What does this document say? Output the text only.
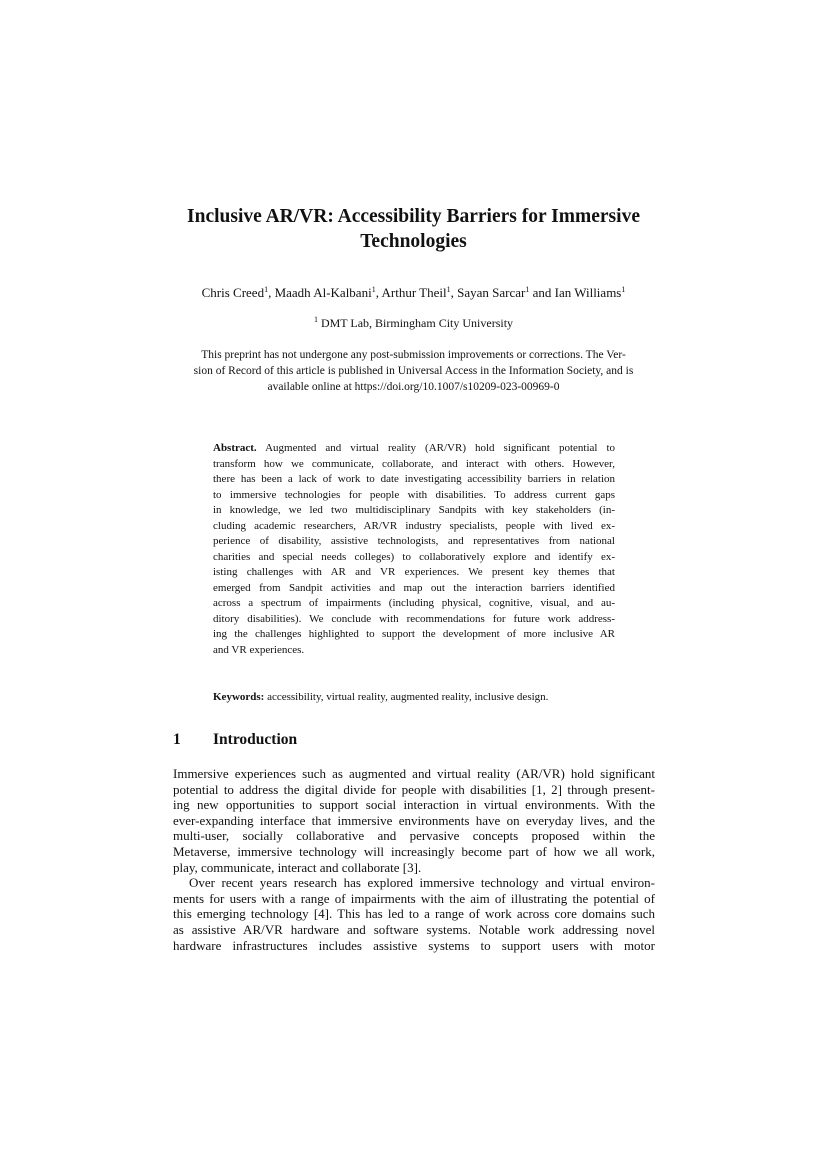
Inclusive AR/VR: Accessibility Barriers for Immersive
Technologies
Chris Creed$^1$, Maadh Al-Kalbani$^1$, Arthur Theil$^1$, Sayan Sarcar$^1$ and Ian Williams$^1$
$^1$ DMT Lab, Birmingham City University
This preprint has not undergone any post-submission improvements or corrections. The Ver-
sion of Record of this article is published in Universal Access in the Information Society, and is
available online at https://doi.org/10.1007/s10209-023-00969-0
Abstract. Augmented and virtual reality (AR/VR) hold significant potential to
transform how we communicate, collaborate, and interact with others. However,
there has been a lack of work to date investigating accessibility barriers in relation
to immersive technologies for people with disabilities. To address current gaps
in knowledge, we led two multidisciplinary Sandpits with key stakeholders (in-
cluding academic researchers, AR/VR industry specialists, people with lived ex-
perience of disability, assistive technologists, and representatives from national
charities and special needs colleges) to collaboratively explore and identify ex-
isting challenges with AR and VR experiences. We present key themes that
emerged from Sandpit activities and map out the interaction barriers identified
across a spectrum of impairments (including physical, cognitive, visual, and au-
ditory disabilities). We conclude with recommendations for future work address-
ing the challenges highlighted to support the development of more inclusive AR
and VR experiences.
Keywords: accessibility, virtual reality, augmented reality, inclusive design.
1 Introduction

Immersive experiences such as augmented and virtual reality (AR/VR) hold significant
potential to address the digital divide for people with disabilities [1, 2] through present-
ing new opportunities to support social interaction in virtual environments. With the
ever-expanding interface that immersive environments have on everyday lives, and the
multi-user, socially collaborative and pervasive concepts proposed within the
Metaverse, immersive technology will increasingly become part of how we all work,
play, communicate, interact and collaborate [3].

Over recent years research has explored immersive technology and virtual environ-
ments for users with a range of impairments with the aim of illustrating the potential of
this emerging technology [4]. This has led to a range of work across core domains such
as assistive AR/VR hardware and software systems. Notable work addressing novel
hardware infrastructures includes assistive systems to support users with motor
